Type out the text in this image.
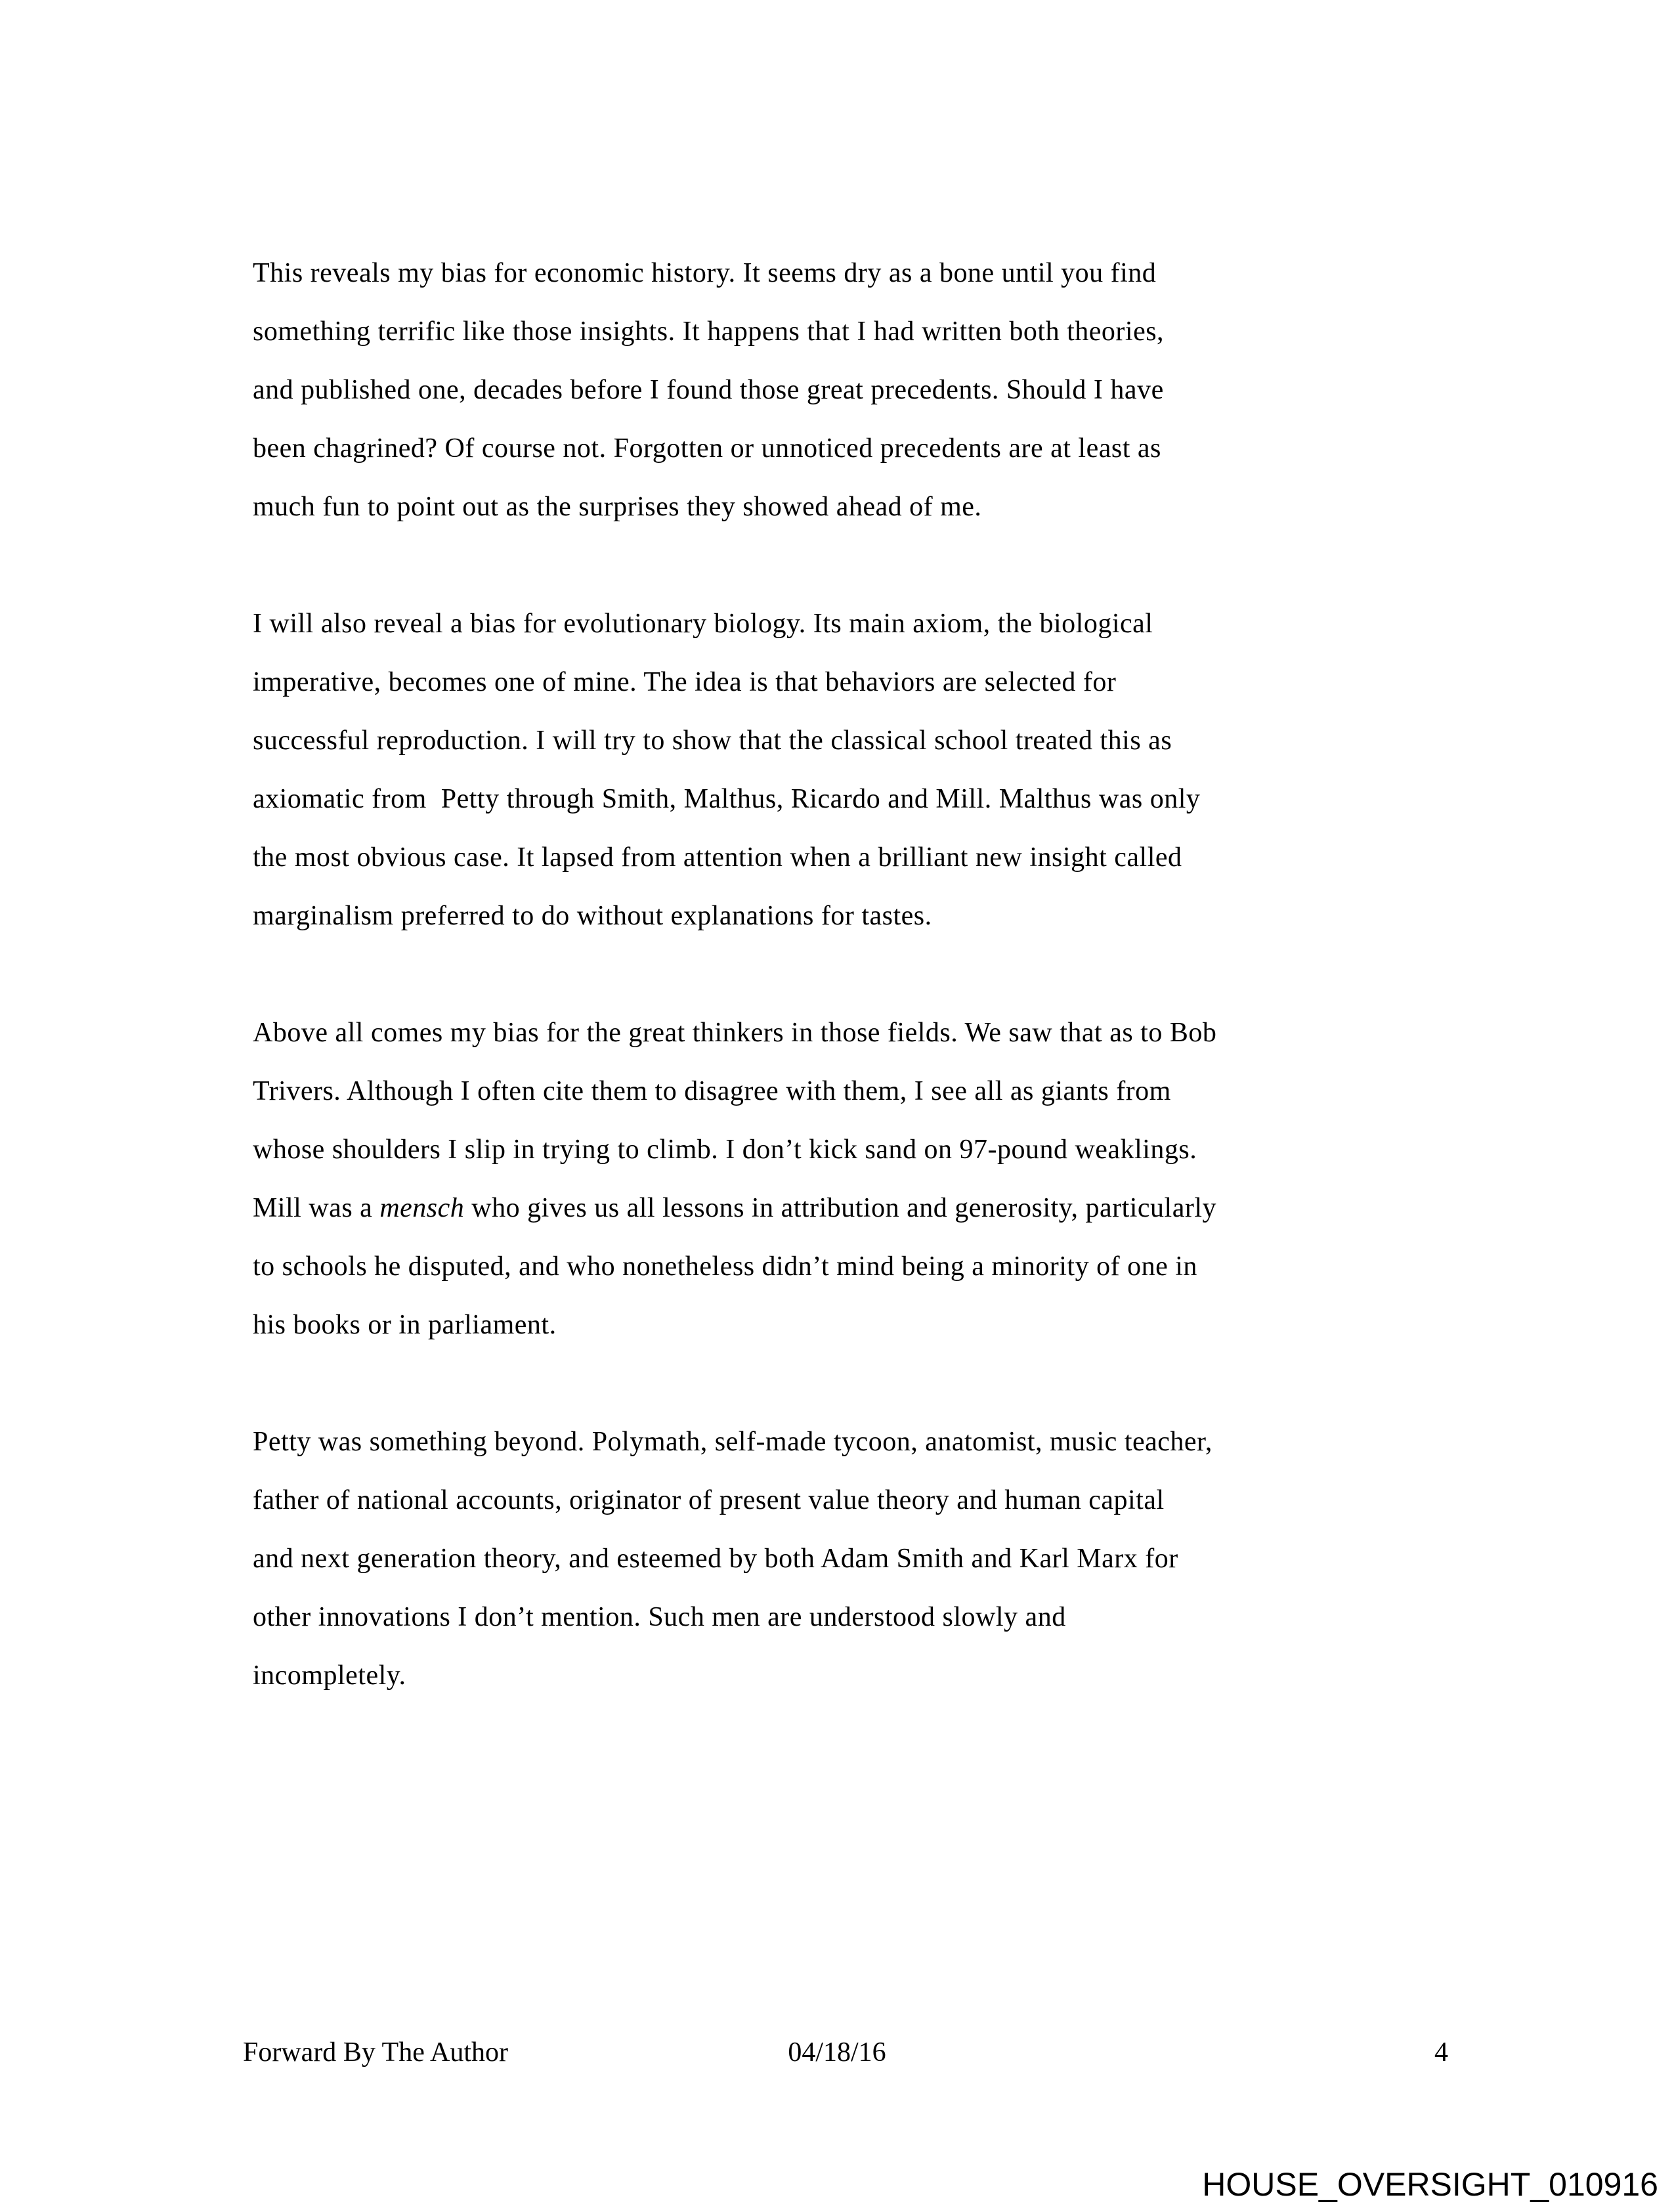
This reveals my bias for economic history. It seems dry as a bone until you find
something terrific like those insights. It happens that I had written both theories,
and published one, decades before I found those great precedents. Should I have
been chagrined? Of course not. Forgotten or unnoticed precedents are at least as
much fun to point out as the surprises they showed ahead of me.

I will also reveal a bias for evolutionary biology. Its main axiom, the biological
imperative, becomes one of mine. The idea is that behaviors are selected for
successful reproduction. I will try to show that the classical school treated this as
axiomatic from  Petty through Smith, Malthus, Ricardo and Mill. Malthus was only
the most obvious case. It lapsed from attention when a brilliant new insight called
marginalism preferred to do without explanations for tastes.

Above all comes my bias for the great thinkers in those fields. We saw that as to Bob
Trivers. Although I often cite them to disagree with them, I see all as giants from
whose shoulders I slip in trying to climb. I don’t kick sand on 97-pound weaklings.
Mill was a mensch who gives us all lessons in attribution and generosity, particularly
to schools he disputed, and who nonetheless didn’t mind being a minority of one in
his books or in parliament.

Petty was something beyond. Polymath, self-made tycoon, anatomist, music teacher,
father of national accounts, originator of present value theory and human capital
and next generation theory, and esteemed by both Adam Smith and Karl Marx for
other innovations I don’t mention. Such men are understood slowly and
incompletely.

04/18/16
Forward By The Author	4
HOUSE_OVERSIGHT_010916
